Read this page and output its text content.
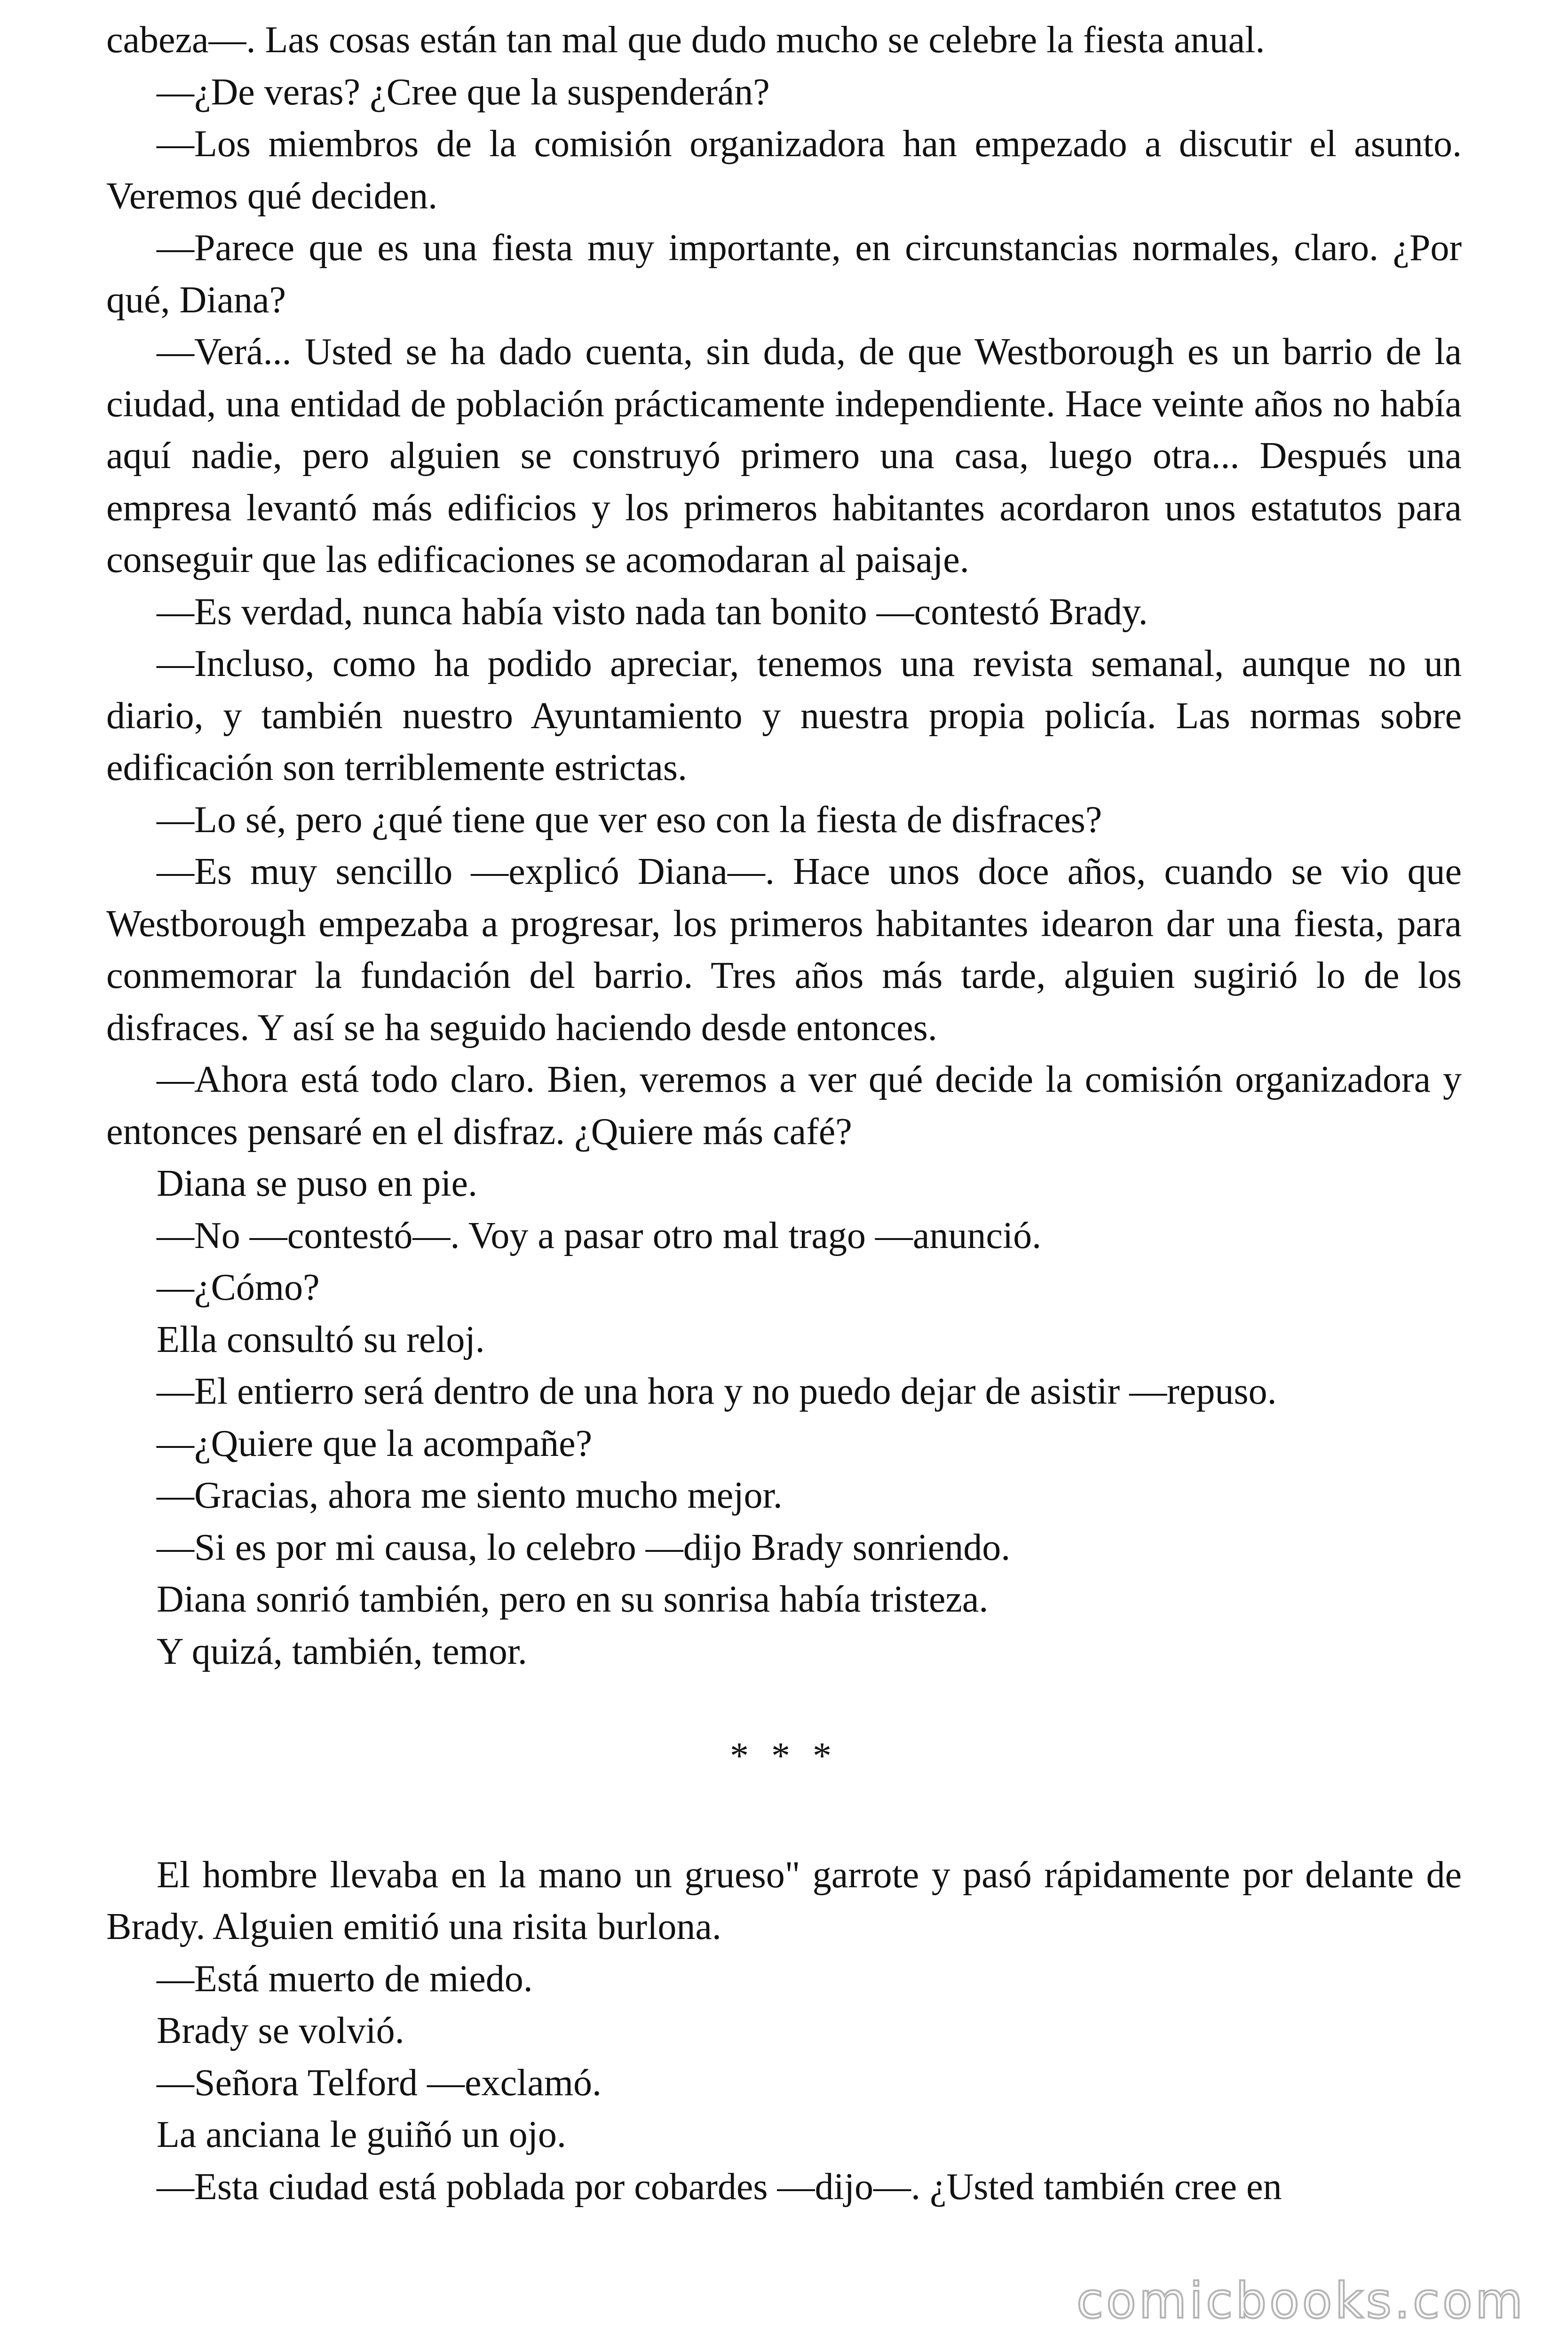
cabeza—. Las cosas están tan mal que dudo mucho se celebre la fiesta anual.

—¿De veras? ¿Cree que la suspenderán?

—Los miembros de la comisión organizadora han empezado a discutir el asunto. Veremos qué deciden.

—Parece que es una fiesta muy importante, en circunstancias normales, claro. ¿Por qué, Diana?

—Verá... Usted se ha dado cuenta, sin duda, de que Westborough es un barrio de la ciudad, una entidad de población prácticamente independiente. Hace veinte años no había aquí nadie, pero alguien se construyó primero una casa, luego otra... Después una empresa levantó más edificios y los primeros habitantes acordaron unos estatutos para conseguir que las edificaciones se acomodaran al paisaje.

—Es verdad, nunca había visto nada tan bonito —contestó Brady.

—Incluso, como ha podido apreciar, tenemos una revista semanal, aunque no un diario, y también nuestro Ayuntamiento y nuestra propia policía. Las normas sobre edificación son terriblemente estrictas.

—Lo sé, pero ¿qué tiene que ver eso con la fiesta de disfraces?

—Es muy sencillo —explicó Diana—. Hace unos doce años, cuando se vio que Westborough empezaba a progresar, los primeros habitantes idearon dar una fiesta, para conmemorar la fundación del barrio. Tres años más tarde, alguien sugirió lo de los disfraces. Y así se ha seguido haciendo desde entonces.

—Ahora está todo claro. Bien, veremos a ver qué decide la comisión organizadora y entonces pensaré en el disfraz. ¿Quiere más café?

Diana se puso en pie.

—No —contestó—. Voy a pasar otro mal trago —anunció.

—¿Cómo?

Ella consultó su reloj.

—El entierro será dentro de una hora y no puedo dejar de asistir —repuso.

—¿Quiere que la acompañe?

—Gracias, ahora me siento mucho mejor.

—Si es por mi causa, lo celebro —dijo Brady sonriendo.

Diana sonrió también, pero en su sonrisa había tristeza.

Y quizá, también, temor.

* * *

El hombre llevaba en la mano un grueso" garrote y pasó rápidamente por delante de Brady. Alguien emitió una risita burlona.

—Está muerto de miedo.

Brady se volvió.

—Señora Telford —exclamó.

La anciana le guiñó un ojo.

—Esta ciudad está poblada por cobardes —dijo—. ¿Usted también cree en

comicbooks.com
